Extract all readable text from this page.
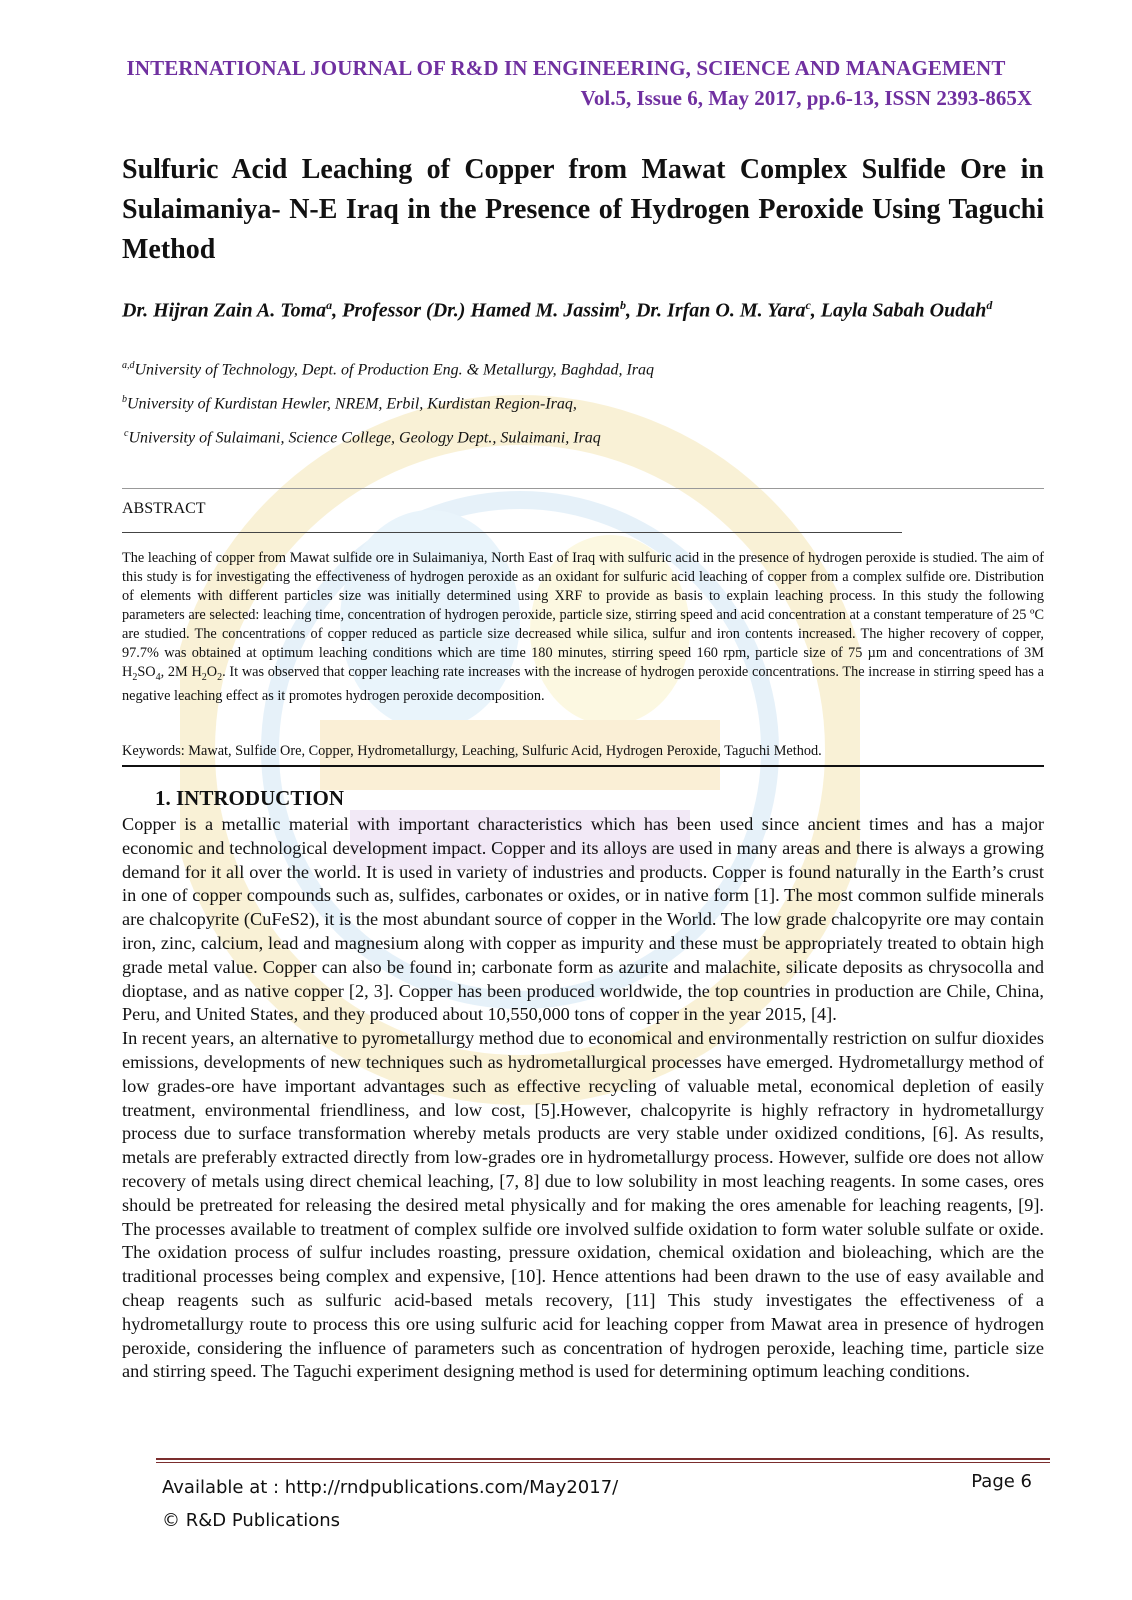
INTERNATIONAL JOURNAL OF R&D IN ENGINEERING, SCIENCE AND MANAGEMENT
Vol.5, Issue 6, May 2017, pp.6-13, ISSN 2393-865X
Sulfuric Acid Leaching of Copper from Mawat Complex Sulfide Ore in Sulaimaniya- N-E Iraq in the Presence of Hydrogen Peroxide Using Taguchi Method
Dr. Hijran Zain A. Toma$^a$, Professor (Dr.) Hamed M. Jassim$^b$, Dr. Irfan O. M. Yara$^c$, Layla Sabah Oudah$^d$
$^{a,d}$University of Technology, Dept. of Production Eng. & Metallurgy, Baghdad, Iraq
$^b$University of Kurdistan Hewler, NREM, Erbil, Kurdistan Region-Iraq,
$^c$University of Sulaimani, Science College, Geology Dept., Sulaimani, Iraq
ABSTRACT

The leaching of copper from Mawat sulfide ore in Sulaimaniya, North East of Iraq with sulfuric acid in the presence of hydrogen peroxide is studied. The aim of this study is for investigating the effectiveness of hydrogen peroxide as an oxidant for sulfuric acid leaching of copper from a complex sulfide ore. Distribution of elements with different particles size was initially determined using XRF to provide as basis to explain leaching process. In this study the following parameters are selected: leaching time, concentration of hydrogen peroxide, particle size, stirring speed and acid concentration at a constant temperature of 25 ºC are studied. The concentrations of copper reduced as particle size decreased while silica, sulfur and iron contents increased. The higher recovery of copper, 97.7% was obtained at optimum leaching conditions which are time 180 minutes, stirring speed 160 rpm, particle size of 75 µm and concentrations of 3M $H_2SO_4$, 2M $H_2O_2$. It was observed that copper leaching rate increases with the increase of hydrogen peroxide concentrations. The increase in stirring speed has a negative leaching effect as it promotes hydrogen peroxide decomposition.

Keywords: Mawat, Sulfide Ore, Copper, Hydrometallurgy, Leaching, Sulfuric Acid, Hydrogen Peroxide, Taguchi Method.
1. INTRODUCTION

Copper is a metallic material with important characteristics which has been used since ancient times and has a major economic and technological development impact. Copper and its alloys are used in many areas and there is always a growing demand for it all over the world. It is used in variety of industries and products. Copper is found naturally in the Earth’s crust in one of copper compounds such as, sulfides, carbonates or oxides, or in native form [1]. The most common sulfide minerals are chalcopyrite (CuFeS2), it is the most abundant source of copper in the World. The low grade chalcopyrite ore may contain iron, zinc, calcium, lead and magnesium along with copper as impurity and these must be appropriately treated to obtain high grade metal value. Copper can also be found in; carbonate form as azurite and malachite, silicate deposits as chrysocolla and dioptase, and as native copper [2, 3]. Copper has been produced worldwide, the top countries in production are Chile, China, Peru, and United States, and they produced about 10,550,000 tons of copper in the year 2015, [4].

In recent years, an alternative to pyrometallurgy method due to economical and environmentally restriction on sulfur dioxides emissions, developments of new techniques such as hydrometallurgical processes have emerged. Hydrometallurgy method of low grades-ore have important advantages such as effective recycling of valuable metal, economical depletion of easily treatment, environmental friendliness, and low cost, [5].However, chalcopyrite is highly refractory in hydrometallurgy process due to surface transformation whereby metals products are very stable under oxidized conditions, [6]. As results, metals are preferably extracted directly from low-grades ore in hydrometallurgy process. However, sulfide ore does not allow recovery of metals using direct chemical leaching, [7, 8] due to low solubility in most leaching reagents. In some cases, ores should be pretreated for releasing the desired metal physically and for making the ores amenable for leaching reagents, [9]. The processes available to treatment of complex sulfide ore involved sulfide oxidation to form water soluble sulfate or oxide. The oxidation process of sulfur includes roasting, pressure oxidation, chemical oxidation and bioleaching, which are the traditional processes being complex and expensive, [10]. Hence attentions had been drawn to the use of easy available and cheap reagents such as sulfuric acid-based metals recovery, [11] This study investigates the effectiveness of a hydrometallurgy route to process this ore using sulfuric acid for leaching copper from Mawat area in presence of hydrogen peroxide, considering the influence of parameters such as concentration of hydrogen peroxide, leaching time, particle size and stirring speed. The Taguchi experiment designing method is used for determining optimum leaching conditions.

Available at : http://rndpublications.com/May2017/
© R&D Publications
Page 6
